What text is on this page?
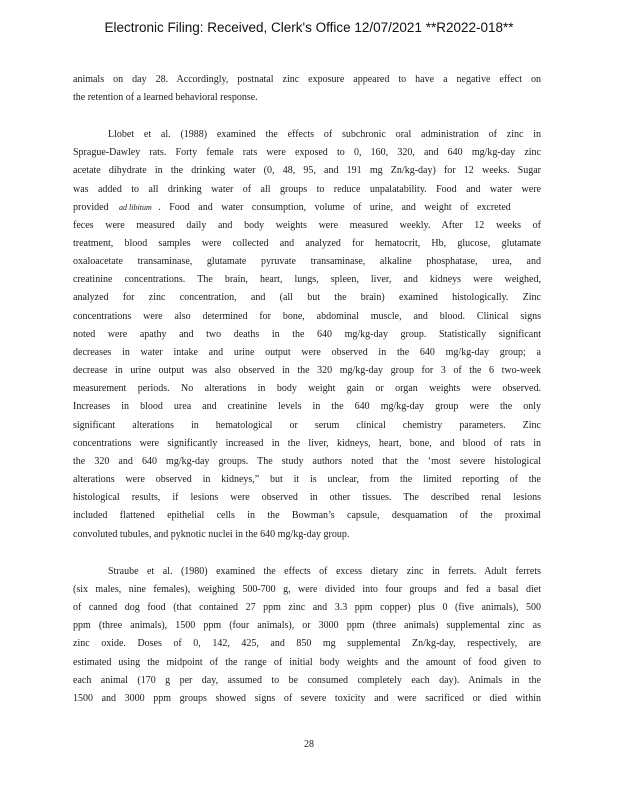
Electronic Filing: Received, Clerk's Office 12/07/2021 **R2022-018**
animals on day 28. Accordingly, postnatal zinc exposure appeared to have a negative effect on
the retention of a learned behavioral response.
Llobet et al. (1988) examined the effects of subchronic oral administration of zinc in
Sprague-Dawley rats. Forty female rats were exposed to 0, 160, 320, and 640 mg/kg-day zinc
acetate dihydrate in the drinking water (0, 48, 95, and 191 mg Zn/kg-day) for 12 weeks. Sugar
was added to all drinking water of all groups to reduce unpalatability. Food and water were
provided ad libitum . Food and water consumption, volume of urine, and weight of excreted
feces were measured daily and body weights were measured weekly. After 12 weeks of
treatment, blood samples were collected and analyzed for hematocrit, Hb, glucose, glutamate
oxaloacetate transaminase, glutamate pyruvate transaminase, alkaline phosphatase, urea, and
creatinine concentrations. The brain, heart, lungs, spleen, liver, and kidneys were weighed,
analyzed for zinc concentration, and (all but the brain) examined histologically. Zinc
concentrations were also determined for bone, abdominal muscle, and blood. Clinical signs
noted were apathy and two deaths in the 640 mg/kg-day group. Statistically significant
decreases in water intake and urine output were observed in the 640 mg/kg-day group; a
decrease in urine output was also observed in the 320 mg/kg-day group for 3 of the 6 two-week
measurement periods. No alterations in body weight gain or organ weights were observed.
Increases in blood urea and creatinine levels in the 640 mg/kg-day group were the only
significant alterations in hematological or serum clinical chemistry parameters. Zinc
concentrations were significantly increased in the liver, kidneys, heart, bone, and blood of rats in
the 320 and 640 mg/kg-day groups. The study authors noted that the ‘most severe histological
alterations were observed in kidneys,” but it is unclear, from the limited reporting of the
histological results, if lesions were observed in other tissues. The described renal lesions
included flattened epithelial cells in the Bowman’s capsule, desquamation of the proximal
convoluted tubules, and pyknotic nuclei in the 640 mg/kg-day group.
Straube et al. (1980) examined the effects of excess dietary zinc in ferrets. Adult ferrets
(six males, nine females), weighing 500-700 g, were divided into four groups and fed a basal diet
of canned dog food (that contained 27 ppm zinc and 3.3 ppm copper) plus 0 (five animals), 500
ppm (three animals), 1500 ppm (four animals), or 3000 ppm (three animals) supplemental zinc as
zinc oxide. Doses of 0, 142, 425, and 850 mg supplemental Zn/kg-day, respectively, are
estimated using the midpoint of the range of initial body weights and the amount of food given to
each animal (170 g per day, assumed to be consumed completely each day). Animals in the
1500 and 3000 ppm groups showed signs of severe toxicity and were sacrificed or died within
28
